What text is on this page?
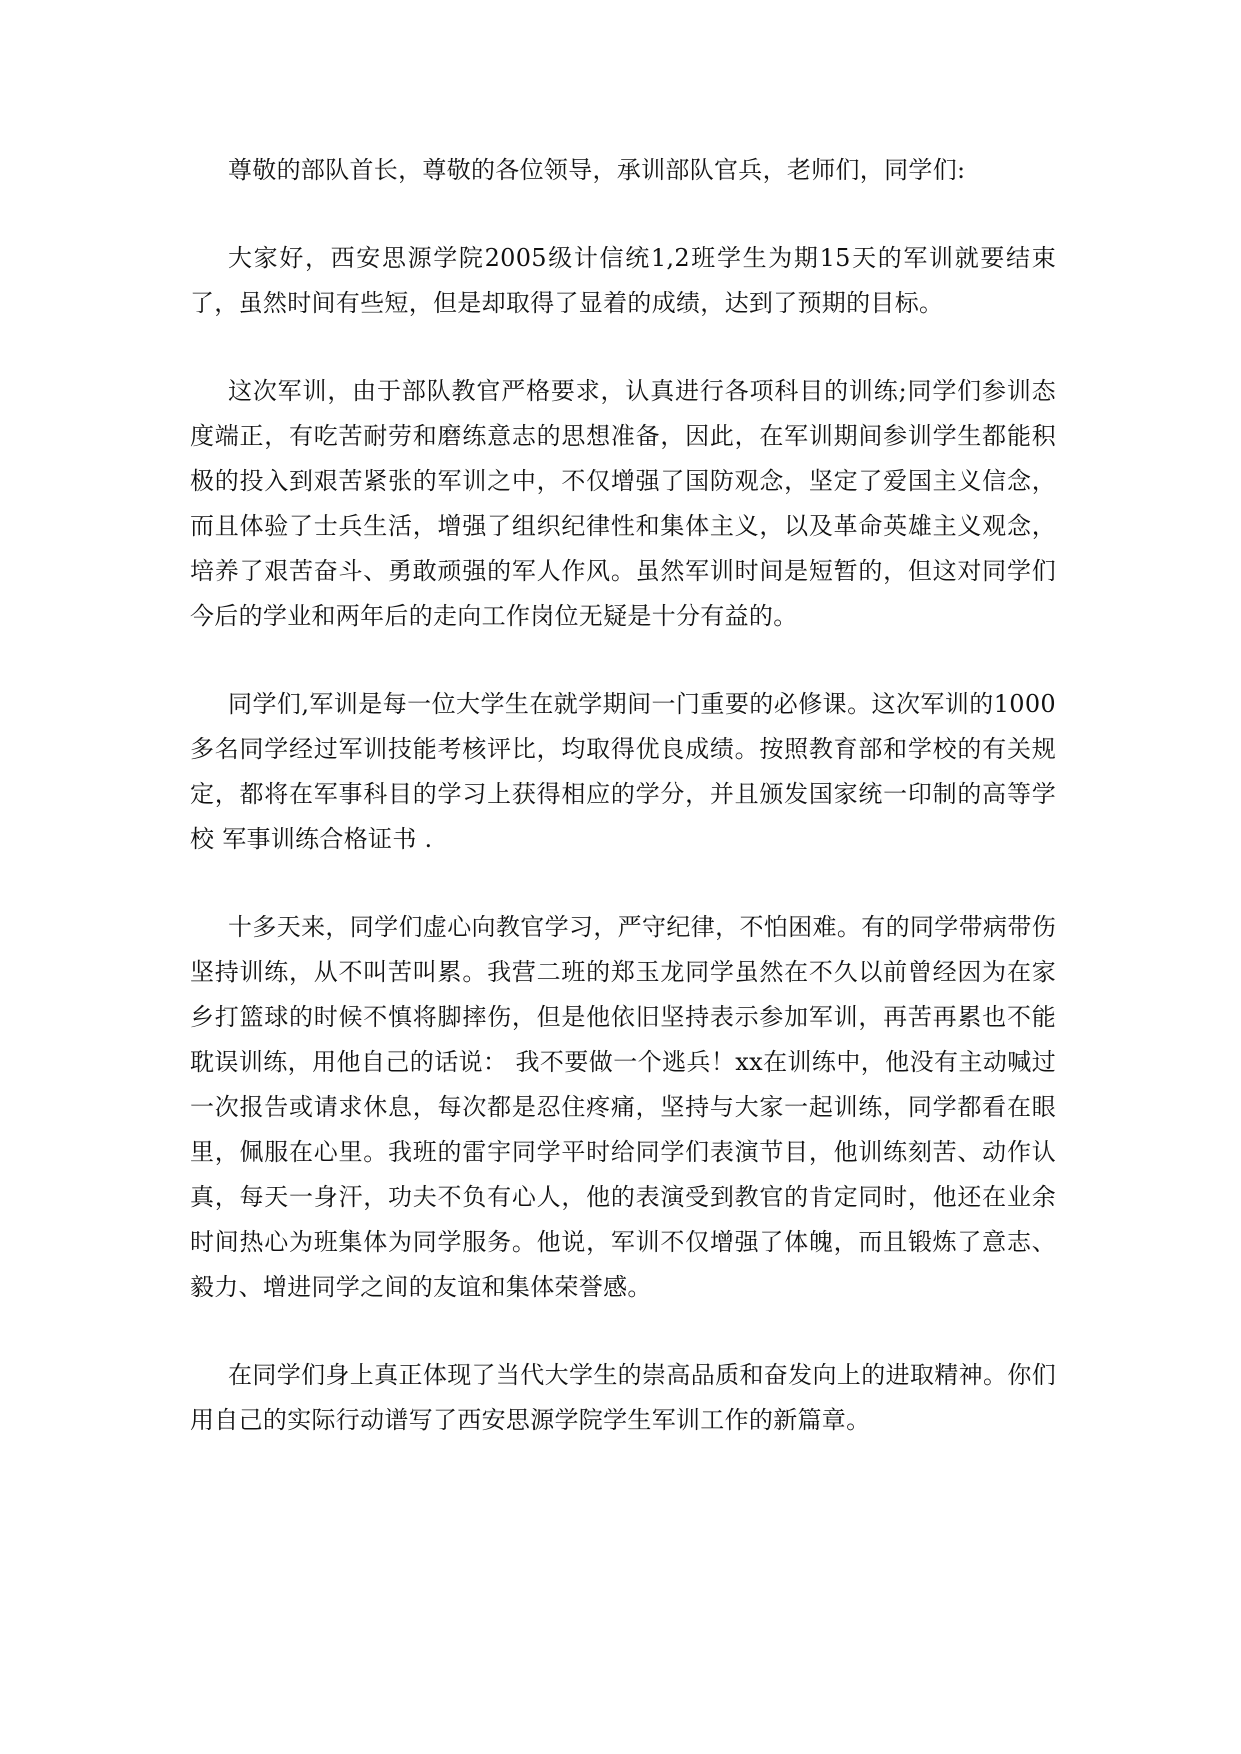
尊敬的部队首长，尊敬的各位领导，承训部队官兵，老师们，同学们:

大家好，西安思源学院2005级计信统1,2班学生为期15天的军训就要结束了，虽然时间有些短，但是却取得了显着的成绩，达到了预期的目标。

这次军训，由于部队教官严格要求，认真进行各项科目的训练;同学们参训态度端正，有吃苦耐劳和磨练意志的思想准备，因此，在军训期间参训学生都能积极的投入到艰苦紧张的军训之中，不仅增强了国防观念，坚定了爱国主义信念，而且体验了士兵生活，增强了组织纪律性和集体主义，以及革命英雄主义观念，培养了艰苦奋斗、勇敢顽强的军人作风。虽然军训时间是短暂的，但这对同学们今后的学业和两年后的走向工作岗位无疑是十分有益的。

同学们,军训是每一位大学生在就学期间一门重要的必修课。这次军训的1000多名同学经过军训技能考核评比，均取得优良成绩。按照教育部和学校的有关规定，都将在军事科目的学习上获得相应的学分，并且颁发国家统一印制的高等学校 军事训练合格证书 .

十多天来，同学们虚心向教官学习，严守纪律，不怕困难。有的同学带病带伤坚持训练，从不叫苦叫累。我营二班的郑玉龙同学虽然在不久以前曾经因为在家乡打篮球的时候不慎将脚摔伤，但是他依旧坚持表示参加军训，再苦再累也不能耽误训练，用他自己的话说： 我不要做一个逃兵！xx在训练中，他没有主动喊过一次报告或请求休息，每次都是忍住疼痛，坚持与大家一起训练，同学都看在眼里，佩服在心里。我班的雷宇同学平时给同学们表演节目，他训练刻苦、动作认真，每天一身汗，功夫不负有心人，他的表演受到教官的肯定同时，他还在业余时间热心为班集体为同学服务。他说，军训不仅增强了体魄，而且锻炼了意志、毅力、增进同学之间的友谊和集体荣誉感。

在同学们身上真正体现了当代大学生的崇高品质和奋发向上的进取精神。你们用自己的实际行动谱写了西安思源学院学生军训工作的新篇章。
